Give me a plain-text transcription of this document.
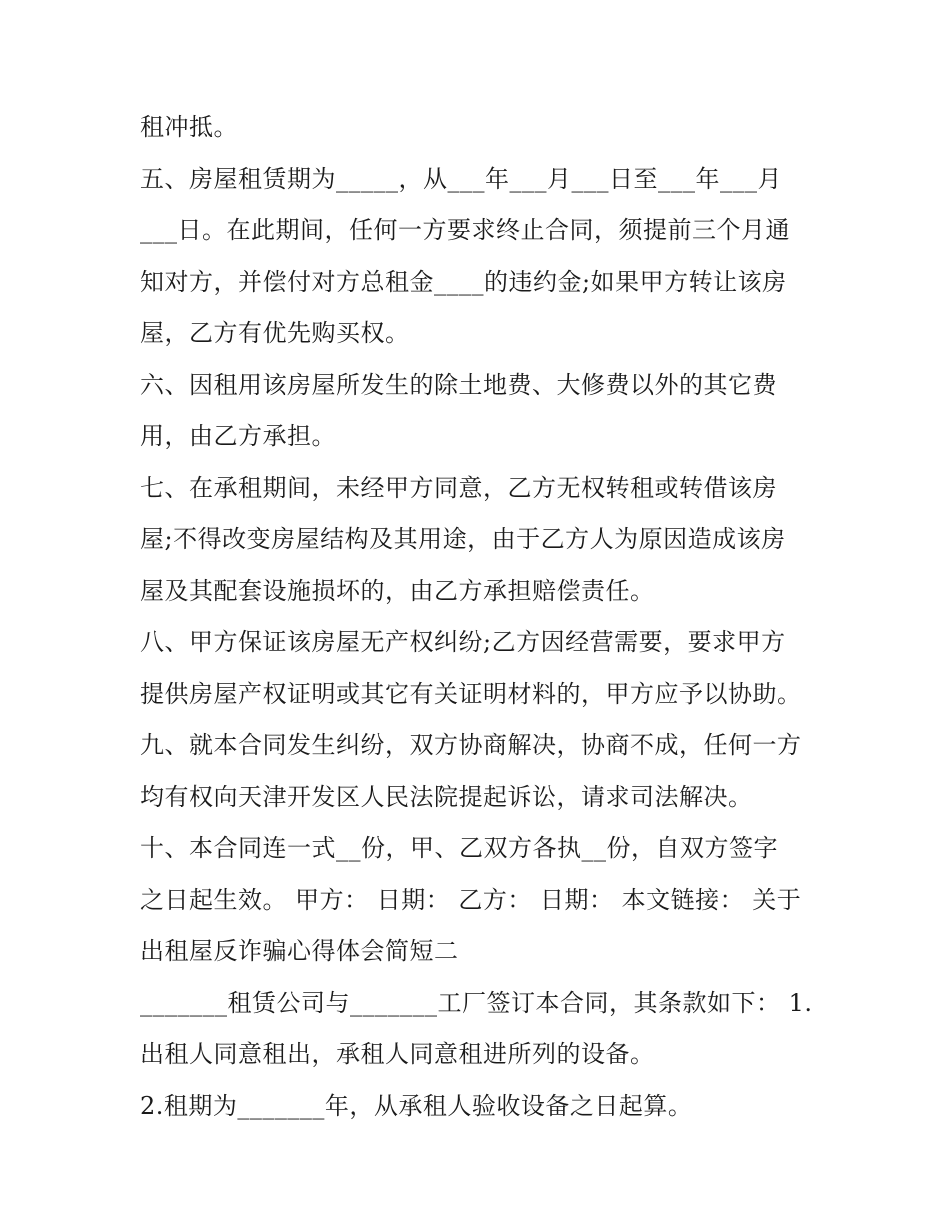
租冲抵。
五、房屋租赁期为_____，从___年___月___日至___年___月
___日。在此期间，任何一方要求终止合同，须提前三个月通
知对方，并偿付对方总租金____的违约金;如果甲方转让该房
屋，乙方有优先购买权。
六、因租用该房屋所发生的除土地费、大修费以外的其它费
用，由乙方承担。
七、在承租期间，未经甲方同意，乙方无权转租或转借该房
屋;不得改变房屋结构及其用途，由于乙方人为原因造成该房
屋及其配套设施损坏的，由乙方承担赔偿责任。
八、甲方保证该房屋无产权纠纷;乙方因经营需要，要求甲方
提供房屋产权证明或其它有关证明材料的，甲方应予以协助。
九、就本合同发生纠纷，双方协商解决，协商不成，任何一方
均有权向天津开发区人民法院提起诉讼，请求司法解决。
十、本合同连一式__份，甲、乙双方各执__份，自双方签字
之日起生效。 甲方： 日期： 乙方： 日期： 本文链接： 关于
出租屋反诈骗心得体会简短二
_______租赁公司与_______工厂签订本合同，其条款如下： 1.
出租人同意租出，承租人同意租进所列的设备。
2.租期为_______年，从承租人验收设备之日起算。
